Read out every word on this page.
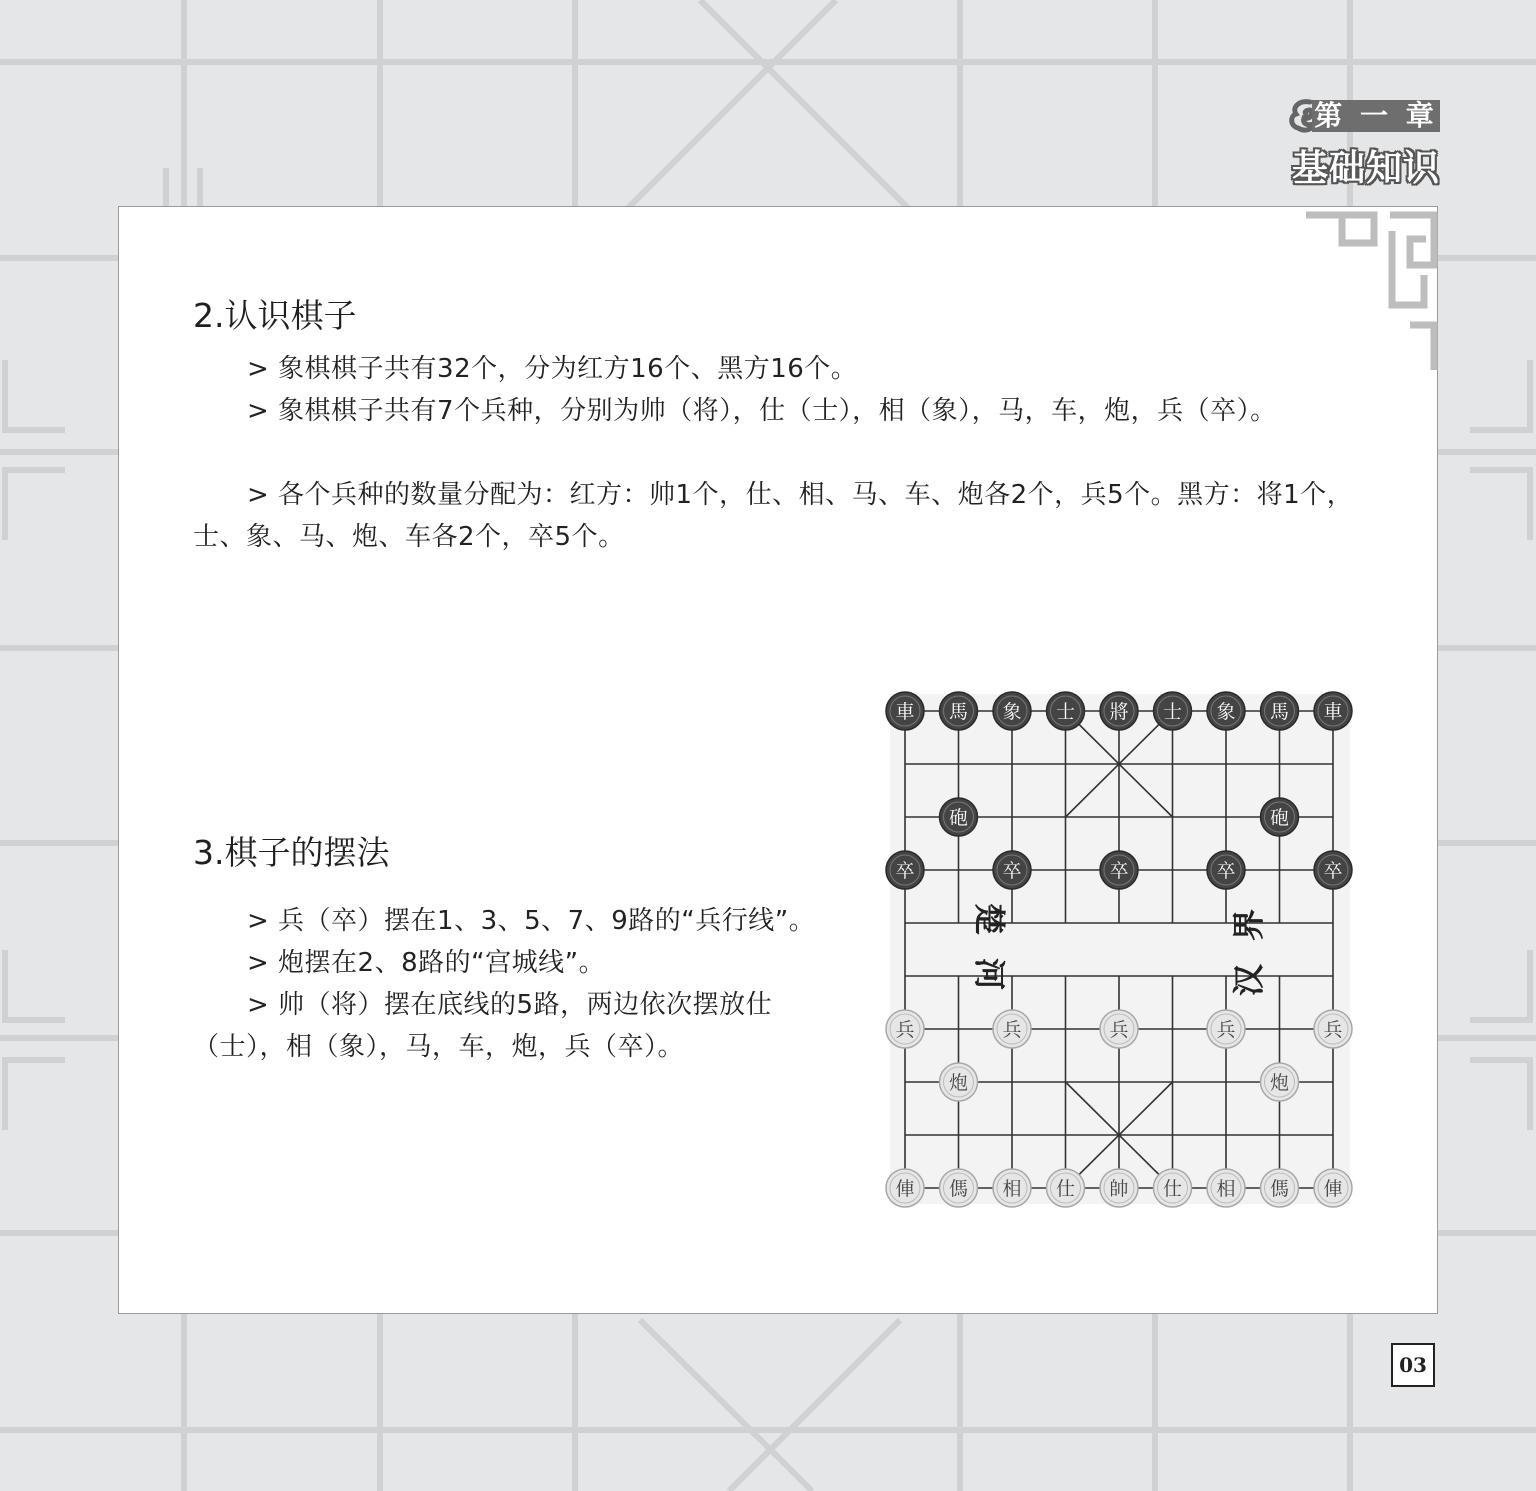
第 一 章
基础知识
2.认识棋子

> 象棋棋子共有32个，分为红方16个、黑方16个。

> 象棋棋子共有7个兵种，分别为帅（将），仕（士），相（象），马，车，炮，兵（卒）。

> 各个兵种的数量分配为：红方：帅1个，仕、相、马、车、炮各2个，兵5个。黑方：将1个，士、象、马、炮、车各2个，卒5个。

3.棋子的摆法

> 兵（卒）摆在1、3、5、7、9路的“兵行线”。

> 炮摆在2、8路的“宫城线”。

> 帅（将）摆在底线的5路，两边依次摆放仕（士），相（象），马，车，炮，兵（卒）。

楚 河	汉 界
車 馬 象 士 將 士 象 馬 車
砲	砲
卒	卒	卒	卒	卒
兵	兵	兵	兵	兵
炮	炮
俥 傌 相 仕 帥 仕 相 傌 俥
03
